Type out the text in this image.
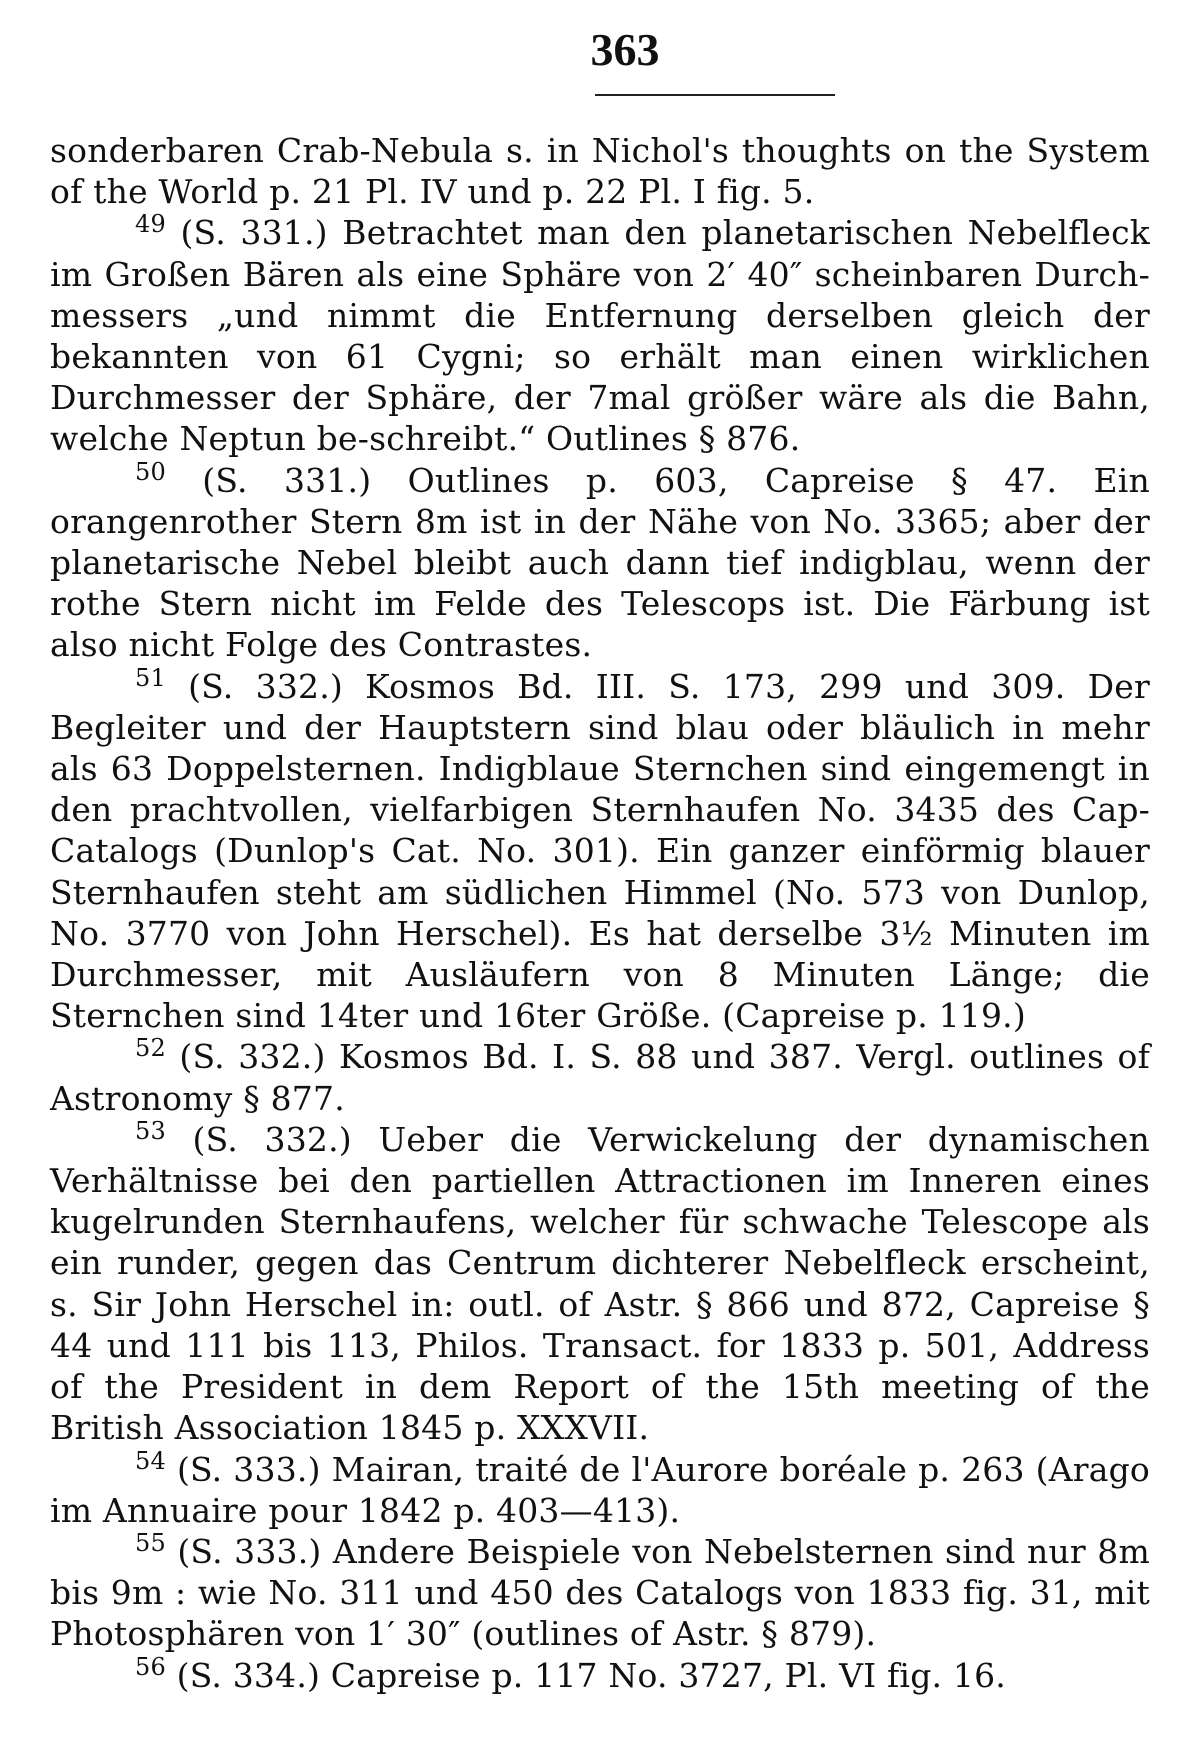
363

sonderbaren Crab-Nebula s. in Nichol's thoughts on the System of the World p. 21 Pl. IV und p. 22 Pl. I fig. 5.

$^{49}$ (S. 331.) Betrachtet man den planetarischen Nebelfleck im Großen Bären als eine Sphäre von 2′ 40″ scheinbaren Durch-messers „und nimmt die Entfernung derselben gleich der bekannten von 61 Cygni; so erhält man einen wirklichen Durchmesser der Sphäre, der 7mal größer wäre als die Bahn, welche Neptun be-schreibt.“ Outlines § 876.

$^{50}$ (S. 331.) Outlines p. 603, Capreise § 47. Ein orangenrother Stern 8m ist in der Nähe von No. 3365; aber der planetarische Nebel bleibt auch dann tief indigblau, wenn der rothe Stern nicht im Felde des Telescops ist. Die Färbung ist also nicht Folge des Contrastes.

$^{51}$ (S. 332.) Kosmos Bd. III. S. 173, 299 und 309. Der Begleiter und der Hauptstern sind blau oder bläulich in mehr als 63 Doppelsternen. Indigblaue Sternchen sind eingemengt in den prachtvollen, vielfarbigen Sternhaufen No. 3435 des Cap-Catalogs (Dunlop's Cat. No. 301). Ein ganzer einförmig blauer Sternhaufen steht am südlichen Himmel (No. 573 von Dunlop, No. 3770 von John Herschel). Es hat derselbe 3½ Minuten im Durchmesser, mit Ausläufern von 8 Minuten Länge; die Sternchen sind 14ter und 16ter Größe. (Capreise p. 119.)

$^{52}$ (S. 332.) Kosmos Bd. I. S. 88 und 387. Vergl. outlines of Astronomy § 877.

$^{53}$ (S. 332.) Ueber die Verwickelung der dynamischen Verhältnisse bei den partiellen Attractionen im Inneren eines kugelrunden Sternhaufens, welcher für schwache Telescope als ein runder, gegen das Centrum dichterer Nebelfleck erscheint, s. Sir John Herschel in: outl. of Astr. § 866 und 872, Capreise § 44 und 111 bis 113, Philos. Transact. for 1833 p. 501, Address of the President in dem Report of the 15th meeting of the British Association 1845 p. XXXVII.

$^{54}$ (S. 333.) Mairan, traité de l'Aurore boréale p. 263 (Arago im Annuaire pour 1842 p. 403—413).

$^{55}$ (S. 333.) Andere Beispiele von Nebelsternen sind nur 8m bis 9m : wie No. 311 und 450 des Catalogs von 1833 fig. 31, mit Photosphären von 1′ 30″ (outlines of Astr. § 879).

$^{56}$ (S. 334.) Capreise p. 117 No. 3727, Pl. VI fig. 16.
